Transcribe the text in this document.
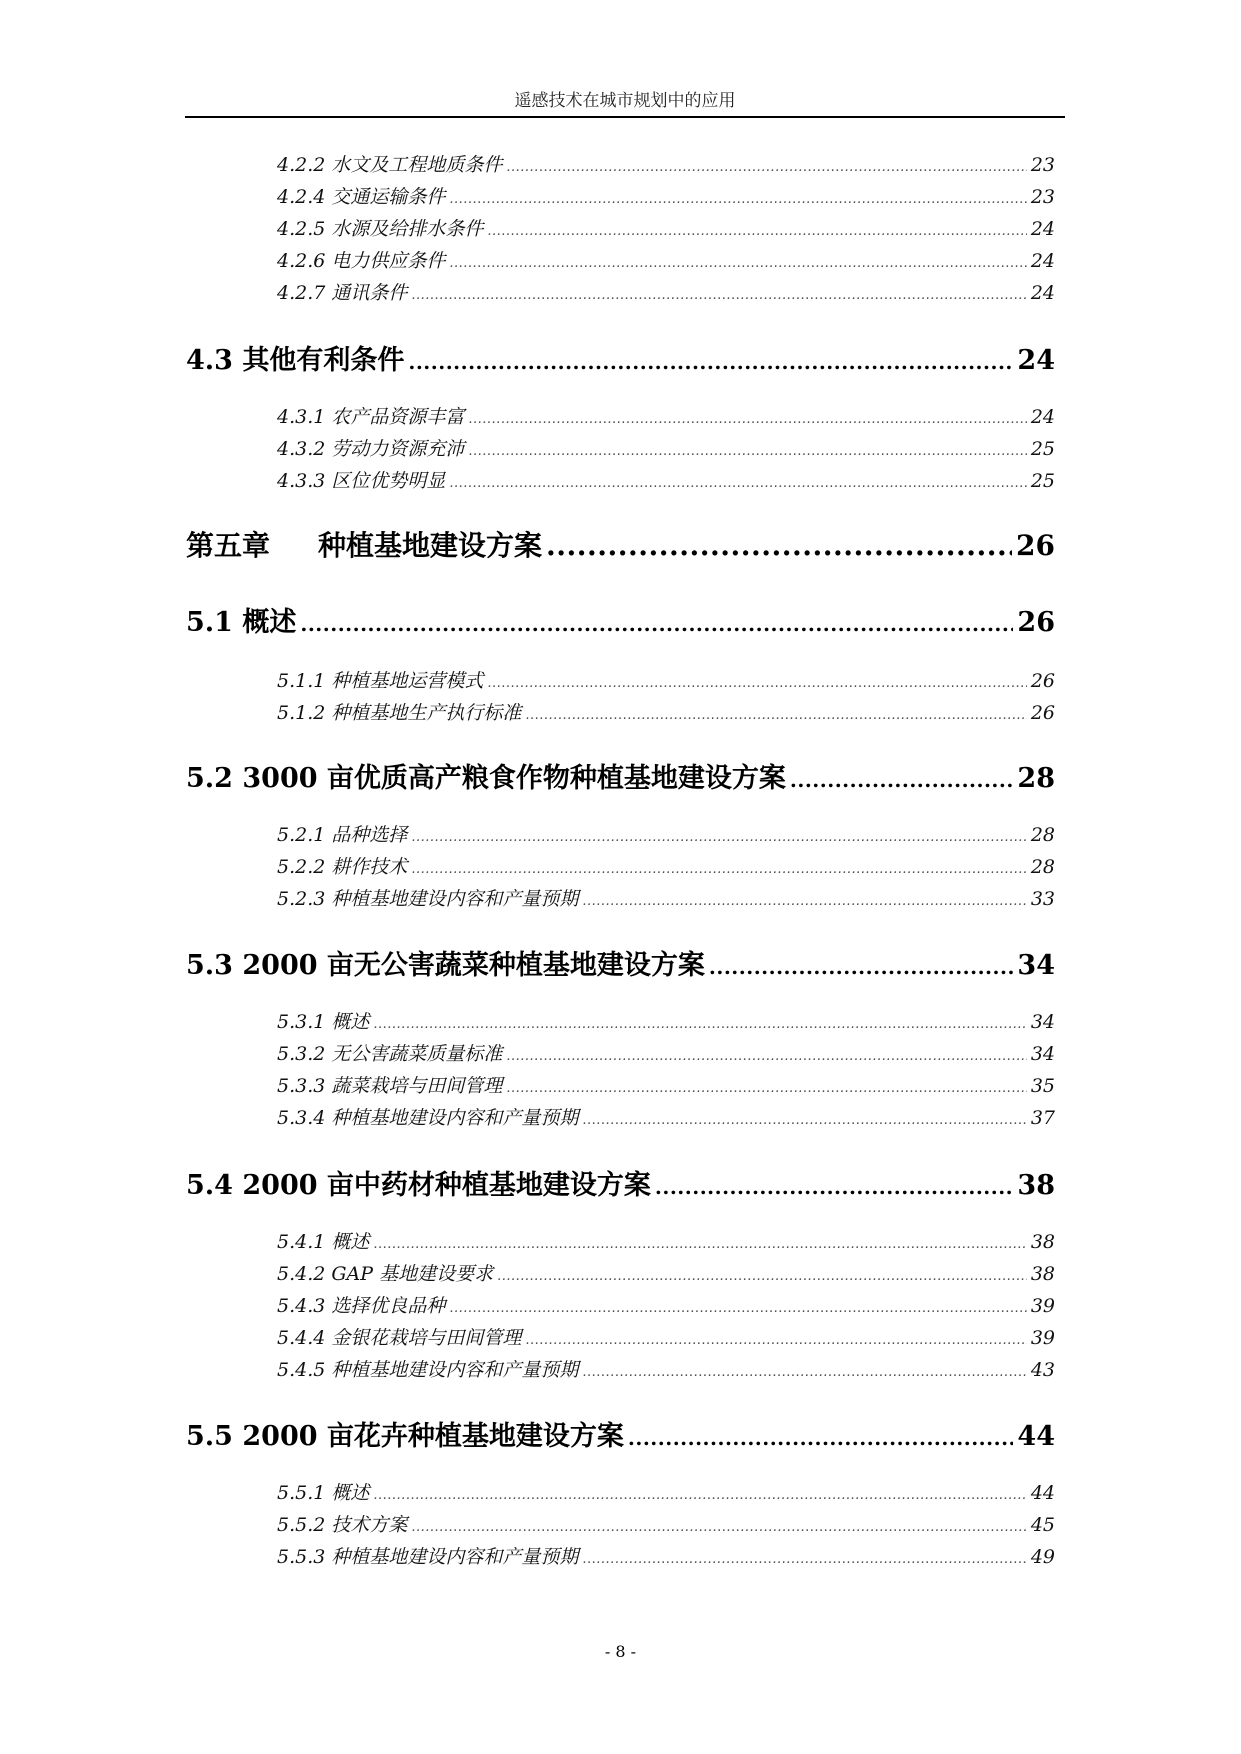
遥感技术在城市规划中的应用
4.2.2 水文及工程地质条件 .....	23
4.2.4 交通运输条件 .....	23
4.2.5 水源及给排水条件 .....	24
4.2.6 电力供应条件 .....	24
4.2.7 通讯条件 .....	24
4.3 其他有利条件 .....	24
4.3.1 农产品资源丰富 .....	24
4.3.2 劳动力资源充沛 .....	25
4.3.3 区位优势明显 .....	25
第五章 种植基地建设方案 .....	26
5.1 概述 .....	26
5.1.1 种植基地运营模式 .....	26
5.1.2 种植基地生产执行标准 .....	26
5.2 3000 亩优质高产粮食作物种植基地建设方案 .....	28
5.2.1 品种选择 .....	28
5.2.2 耕作技术 .....	28
5.2.3 种植基地建设内容和产量预期 .....	33
5.3 2000 亩无公害蔬菜种植基地建设方案 .....	34
5.3.1 概述 .....	34
5.3.2 无公害蔬菜质量标准 .....	34
5.3.3 蔬菜栽培与田间管理 .....	35
5.3.4 种植基地建设内容和产量预期 .....	37
5.4 2000 亩中药材种植基地建设方案 .....	38
5.4.1 概述 .....	38
5.4.2 GAP 基地建设要求 .....	38
5.4.3 选择优良品种 .....	39
5.4.4 金银花栽培与田间管理 .....	39
5.4.5 种植基地建设内容和产量预期 .....	43
5.5 2000 亩花卉种植基地建设方案 .....	44
5.5.1 概述 .....	44
5.5.2 技术方案 .....	45
5.5.3 种植基地建设内容和产量预期 .....	49
- 8 -
